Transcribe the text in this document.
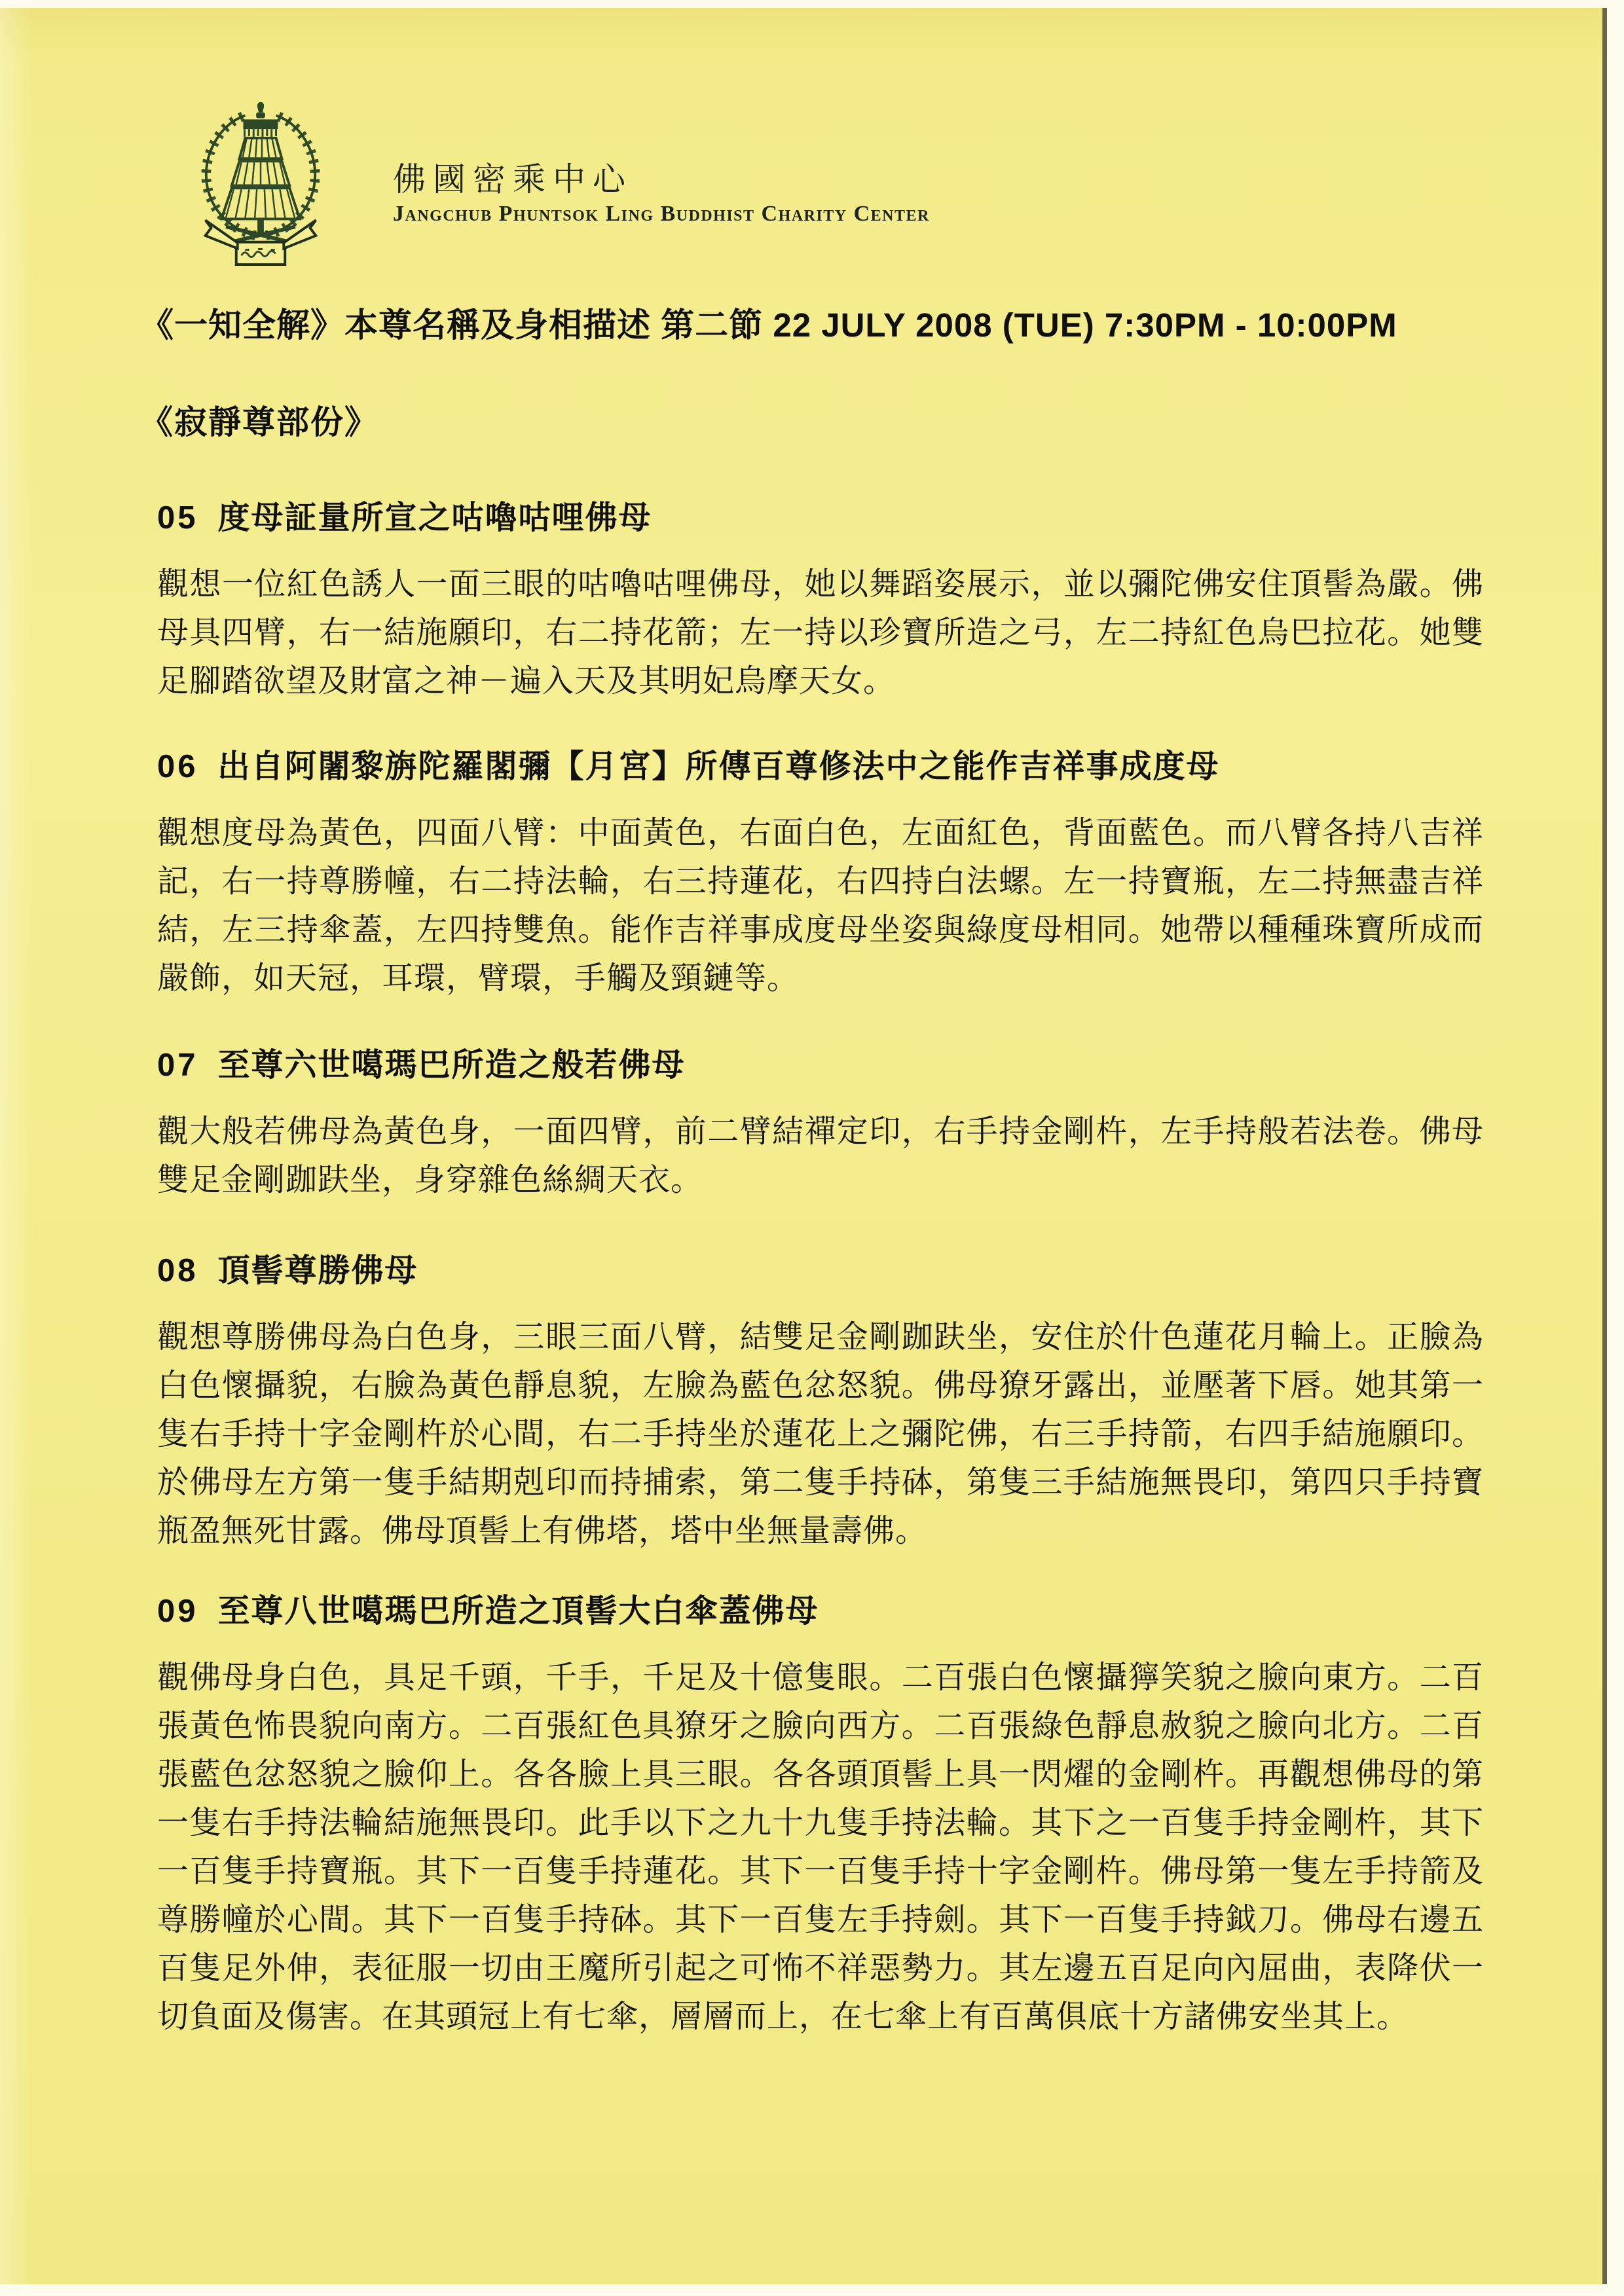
佛國密乘中心
Jangchub Phuntsok Ling Buddhist Charity Center
《一知全解》本尊名稱及身相描述 第二節 22 JULY 2008 (TUE) 7:30PM - 10:00PM
《寂靜尊部份》
05 度母証量所宣之咕嚕咕哩佛母
觀想一位紅色誘人一面三眼的咕嚕咕哩佛母，她以舞蹈姿展示，並以彌陀佛安住頂髻為嚴。佛母具四臂，右一結施願印，右二持花箭；左一持以珍寶所造之弓，左二持紅色烏巴拉花。她雙足腳踏欲望及財富之神－遍入天及其明妃烏摩天女。
06 出自阿闍黎旃陀羅閣彌【月宮】所傳百尊修法中之能作吉祥事成度母
觀想度母為黃色，四面八臂：中面黃色，右面白色，左面紅色，背面藍色。而八臂各持八吉祥記，右一持尊勝幢，右二持法輪，右三持蓮花，右四持白法螺。左一持寶瓶，左二持無盡吉祥結，左三持傘蓋，左四持雙魚。能作吉祥事成度母坐姿與綠度母相同。她帶以種種珠寶所成而嚴飾，如天冠，耳環，臂環，手觸及頸鏈等。
07 至尊六世噶瑪巴所造之般若佛母
觀大般若佛母為黃色身，一面四臂，前二臂結禪定印，右手持金剛杵，左手持般若法卷。佛母雙足金剛跏趺坐，身穿雜色絲綢天衣。
08 頂髻尊勝佛母
觀想尊勝佛母為白色身，三眼三面八臂，結雙足金剛跏趺坐，安住於什色蓮花月輪上。正臉為白色懷攝貌，右臉為黃色靜息貌，左臉為藍色忿怒貌。佛母獠牙露出，並壓著下唇。她其第一隻右手持十字金剛杵於心間，右二手持坐於蓮花上之彌陀佛，右三手持箭，右四手結施願印。於佛母左方第一隻手結期剋印而持捕索，第二隻手持砵，第隻三手結施無畏印，第四只手持寶瓶盈無死甘露。佛母頂髻上有佛塔，塔中坐無量壽佛。
09 至尊八世噶瑪巴所造之頂髻大白傘蓋佛母
觀佛母身白色，具足千頭，千手，千足及十億隻眼。二百張白色懷攝獰笑貌之臉向東方。二百張黃色怖畏貌向南方。二百張紅色具獠牙之臉向西方。二百張綠色靜息赦貌之臉向北方。二百張藍色忿怒貌之臉仰上。各各臉上具三眼。各各頭頂髻上具一閃燿的金剛杵。再觀想佛母的第一隻右手持法輪結施無畏印。此手以下之九十九隻手持法輪。其下之一百隻手持金剛杵，其下一百隻手持寶瓶。其下一百隻手持蓮花。其下一百隻手持十字金剛杵。佛母第一隻左手持箭及尊勝幢於心間。其下一百隻手持砵。其下一百隻左手持劍。其下一百隻手持鉞刀。佛母右邊五百隻足外伸，表征服一切由王魔所引起之可怖不祥惡勢力。其左邊五百足向內屈曲，表降伏一切負面及傷害。在其頭冠上有七傘，層層而上，在七傘上有百萬俱底十方諸佛安坐其上。
